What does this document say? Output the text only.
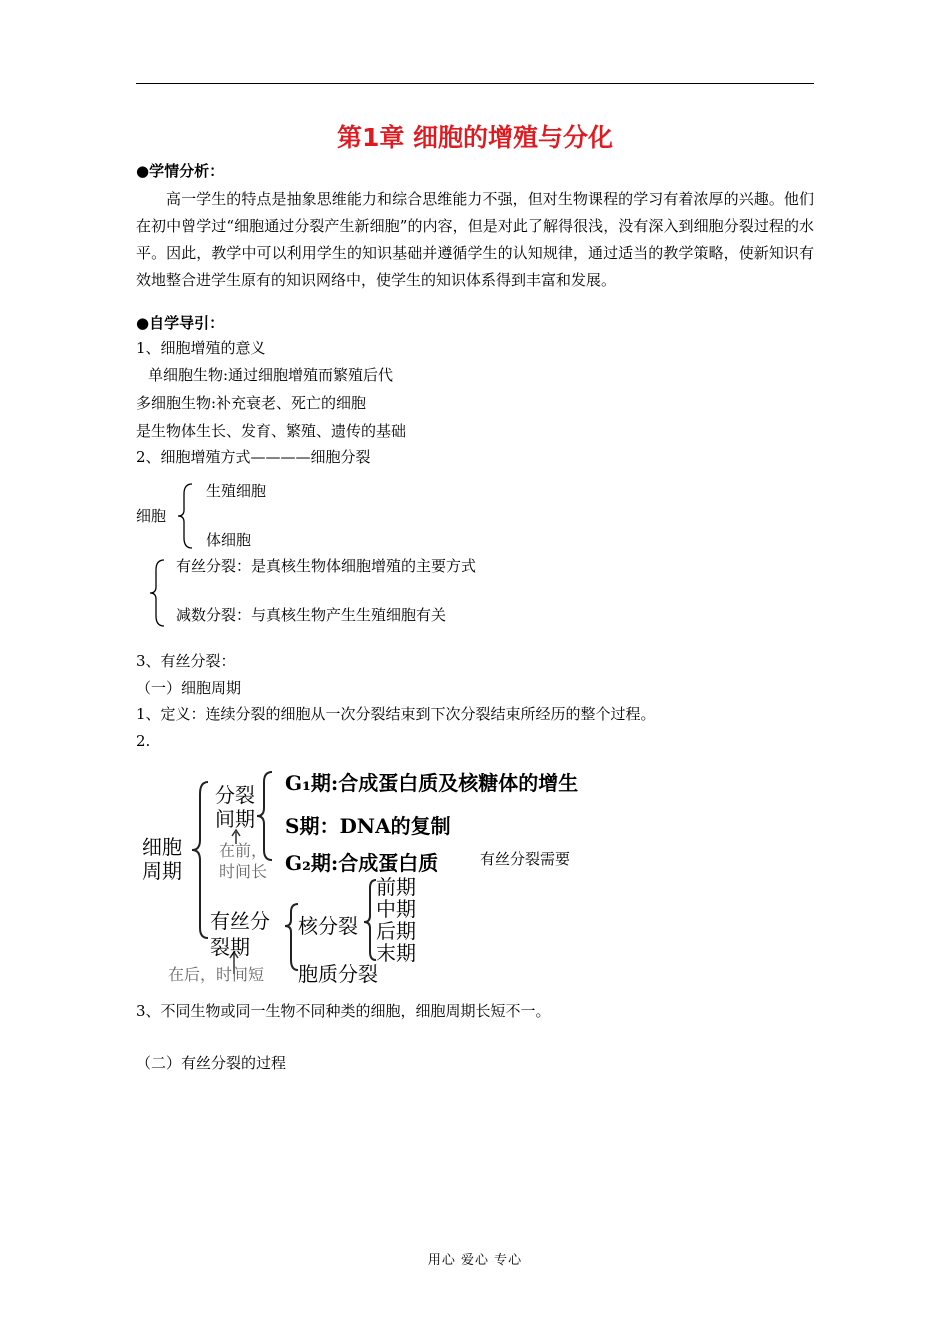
第1章 细胞的增殖与分化
●学情分析：
高一学生的特点是抽象思维能力和综合思维能力不强，但对生物课程的学习有着浓厚的兴趣。他们在初中曾学过“细胞通过分裂产生新细胞”的内容，但是对此了解得很浅，没有深入到细胞分裂过程的水平。因此，教学中可以利用学生的知识基础并遵循学生的认知规律，通过适当的教学策略，使新知识有效地整合进学生原有的知识网络中，使学生的知识体系得到丰富和发展。
●自学导引：
1、细胞增殖的意义
单细胞生物:通过细胞增殖而繁殖后代
多细胞生物:补充衰老、死亡的细胞
是生物体生长、发育、繁殖、遗传的基础
2、细胞增殖方式————细胞分裂
细胞
生殖细胞
体细胞
有丝分裂：是真核生物体细胞增殖的主要方式
减数分裂：与真核生物产生生殖细胞有关
3、有丝分裂：
（一）细胞周期
1、定义：连续分裂的细胞从一次分裂结束到下次分裂结束所经历的整个过程。
2.
细胞周期
分裂间期
在前，时间长
G₁期:合成蛋白质及核糖体的增生
S期：DNA的复制
G₂期:合成蛋白质	有丝分裂需要
有丝分裂期
在后，时间短
核分裂
前期
中期
后期
末期
胞质分裂
3、不同生物或同一生物不同种类的细胞，细胞周期长短不一。
（二）有丝分裂的过程
用心 爱心 专心
